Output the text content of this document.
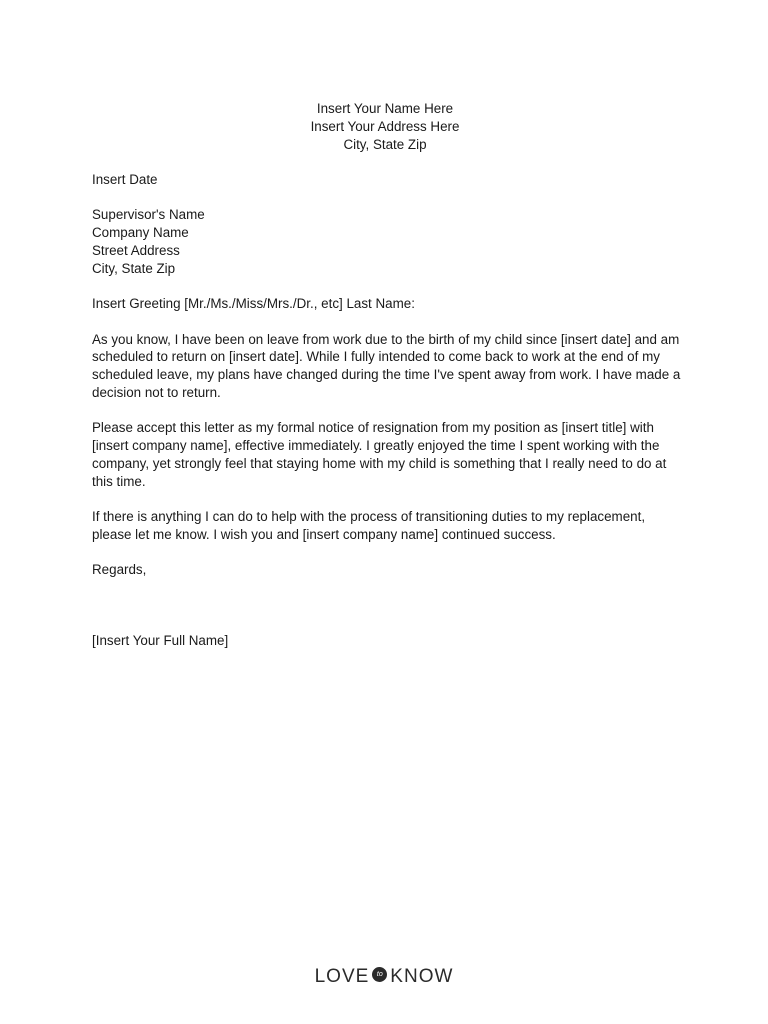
Insert Your Name Here
Insert Your Address Here
City, State Zip
Insert Date
Supervisor's Name
Company Name
Street Address
City, State Zip
Insert Greeting [Mr./Ms./Miss/Mrs./Dr., etc] Last Name:

As you know, I have been on leave from work due to the birth of my child since [insert date] and am scheduled to return on [insert date]. While I fully intended to come back to work at the end of my scheduled leave, my plans have changed during the time I've spent away from work. I have made a decision not to return.

Please accept this letter as my formal notice of resignation from my position as [insert title] with [insert company name], effective immediately. I greatly enjoyed the time I spent working with the company, yet strongly feel that staying home with my child is something that I really need to do at this time.

If there is anything I can do to help with the process of transitioning duties to my replacement, please let me know. I wish you and [insert company name] continued success.

Regards,
[Insert Your Full Name]
LOVE to KNOW
